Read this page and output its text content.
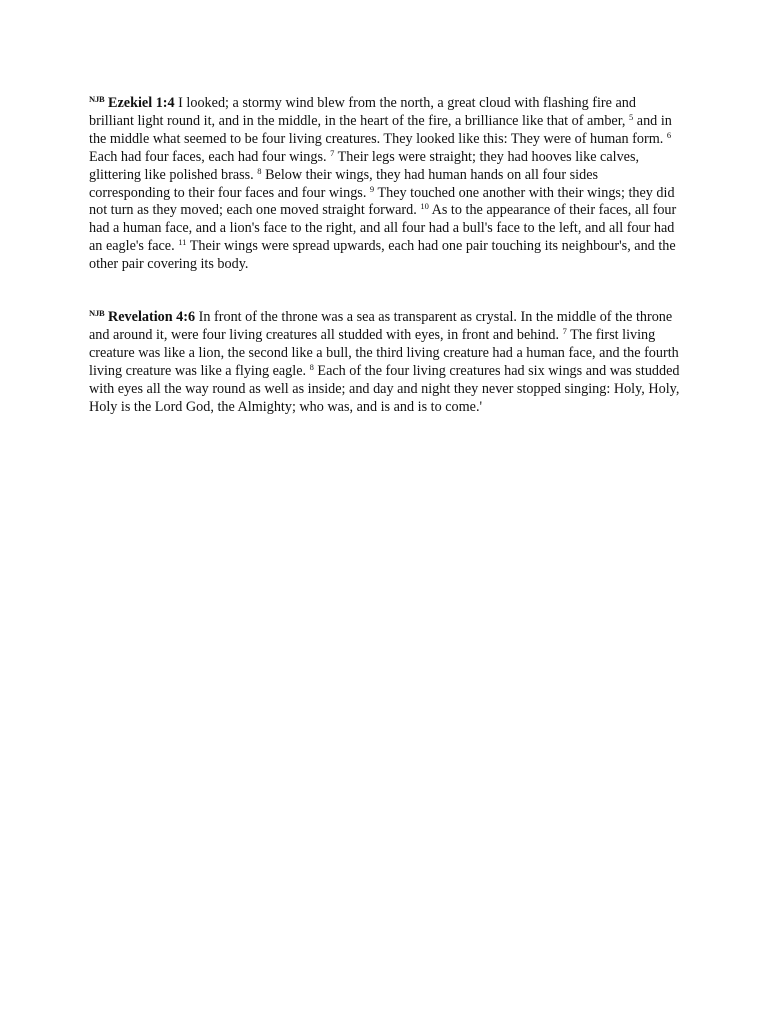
$^{NJB}$ Ezekiel 1:4 I looked; a stormy wind blew from the north, a great cloud with flashing fire and brilliant light round it, and in the middle, in the heart of the fire, a brilliance like that of amber, $^5$ and in the middle what seemed to be four living creatures. They looked like this: They were of human form. $^6$ Each had four faces, each had four wings. $^7$ Their legs were straight; they had hooves like calves, glittering like polished brass. $^8$ Below their wings, they had human hands on all four sides corresponding to their four faces and four wings. $^9$ They touched one another with their wings; they did not turn as they moved; each one moved straight forward. $^{10}$ As to the appearance of their faces, all four had a human face, and a lion's face to the right, and all four had a bull's face to the left, and all four had an eagle's face. $^{11}$ Their wings were spread upwards, each had one pair touching its neighbour's, and the other pair covering its body.

$^{NJB}$ Revelation 4:6 In front of the throne was a sea as transparent as crystal. In the middle of the throne and around it, were four living creatures all studded with eyes, in front and behind. $^7$ The first living creature was like a lion, the second like a bull, the third living creature had a human face, and the fourth living creature was like a flying eagle. $^8$ Each of the four living creatures had six wings and was studded with eyes all the way round as well as inside; and day and night they never stopped singing: Holy, Holy, Holy is the Lord God, the Almighty; who was, and is and is to come.'
